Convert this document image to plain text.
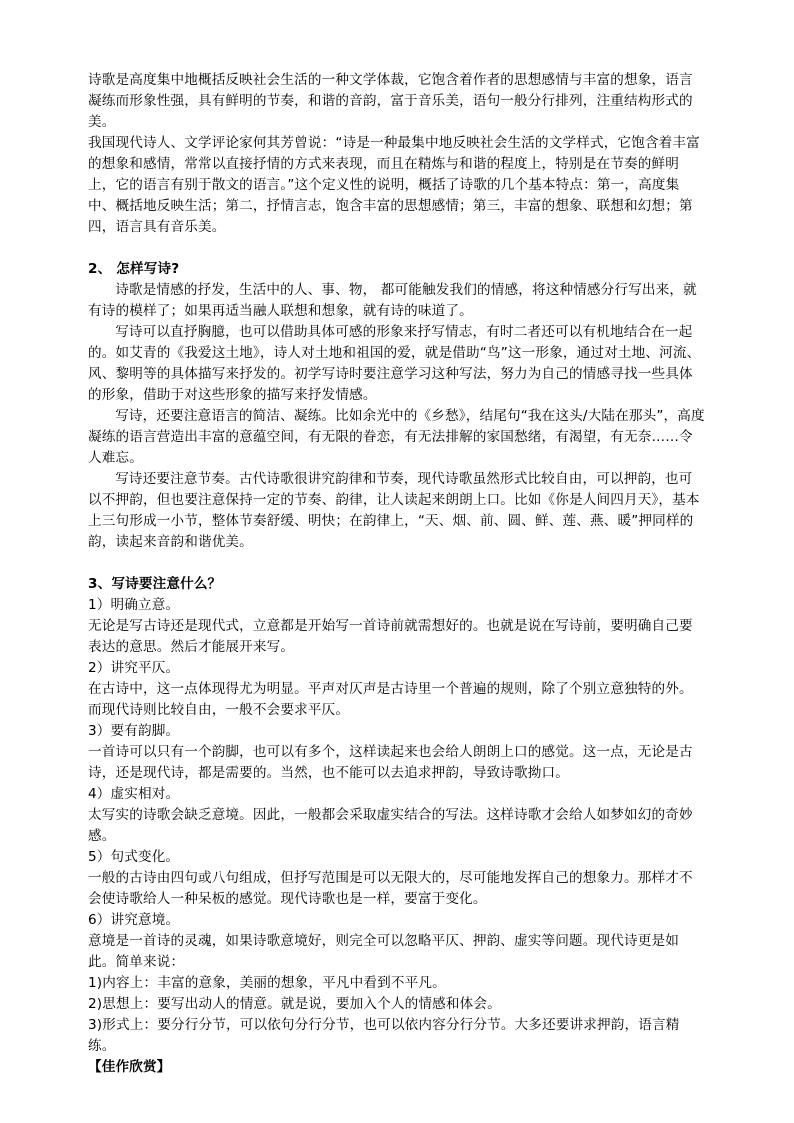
诗歌是高度集中地概括反映社会生活的一种文学体裁，它饱含着作者的思想感情与丰富的想象，语言凝练而形象性强，具有鲜明的节奏，和谐的音韵，富于音乐美，语句一般分行排列，注重结构形式的美。

我国现代诗人、文学评论家何其芳曾说：“诗是一种最集中地反映社会生活的文学样式，它饱含着丰富的想象和感情，常常以直接抒情的方式来表现，而且在精炼与和谐的程度上，特别是在节奏的鲜明上，它的语言有别于散文的语言。”这个定义性的说明，概括了诗歌的几个基本特点：第一，高度集中、概括地反映生活；第二，抒情言志，饱含丰富的思想感情；第三，丰富的想象、联想和幻想；第四，语言具有音乐美。

2、 怎样写诗?

诗歌是情感的抒发，生活中的人、事、物， 都可能触发我们的情感，将这种情感分行写出来，就有诗的模样了；如果再适当融人联想和想象，就有诗的味道了。

写诗可以直抒胸臆，也可以借助具体可感的形象来抒写情志，有时二者还可以有机地结合在一起的。如艾青的《我爱这土地》，诗人对土地和祖国的爱，就是借助“鸟”这一形象，通过对土地、河流、风、黎明等的具体描写来抒发的。初学写诗时要注意学习这种写法，努力为自己的情感寻找一些具体的形象，借助于对这些形象的描写来抒发情感。

写诗，还要注意语言的简洁、凝练。比如余光中的《乡愁》，结尾句“我在这头/大陆在那头”，高度凝练的语言营造出丰富的意蕴空间，有无限的眷恋，有无法排解的家国愁绪，有渴望，有无奈……令人难忘。

写诗还要注意节奏。古代诗歌很讲究韵律和节奏，现代诗歌虽然形式比较自由，可以押韵，也可以不押韵，但也要注意保持一定的节奏、韵律，让人读起来朗朗上口。比如《你是人间四月天》，基本上三句形成一小节，整体节奏舒缓、明快；在韵律上，“天、烟、前、圆、鲜、莲、燕、暖”押同样的韵，读起来音韵和谐优美。

3、写诗要注意什么？

1）明确立意。

无论是写古诗还是现代式，立意都是开始写一首诗前就需想好的。也就是说在写诗前，要明确自己要表达的意思。然后才能展开来写。

2）讲究平仄。

在古诗中，这一点体现得尤为明显。平声对仄声是古诗里一个普遍的规则，除了个别立意独特的外。而现代诗则比较自由，一般不会要求平仄。

3）要有韵脚。

一首诗可以只有一个韵脚，也可以有多个，这样读起来也会给人朗朗上口的感觉。这一点，无论是古诗，还是现代诗，都是需要的。当然，也不能可以去追求押韵，导致诗歌拗口。

4）虚实相对。

太写实的诗歌会缺乏意境。因此，一般都会采取虚实结合的写法。这样诗歌才会给人如梦如幻的奇妙感。

5）句式变化。

一般的古诗由四句或八句组成，但抒写范围是可以无限大的，尽可能地发挥自己的想象力。那样才不会使诗歌给人一种呆板的感觉。现代诗歌也是一样，要富于变化。

6）讲究意境。

意境是一首诗的灵魂，如果诗歌意境好，则完全可以忽略平仄、押韵、虚实等问题。现代诗更是如此。简单来说：

1)内容上：丰富的意象，美丽的想象，平凡中看到不平凡。

2)思想上：要写出动人的情意。就是说，要加入个人的情感和体会。

3)形式上：要分行分节，可以依句分行分节，也可以依内容分行分节。大多还要讲求押韵，语言精练。

【佳作欣赏】
